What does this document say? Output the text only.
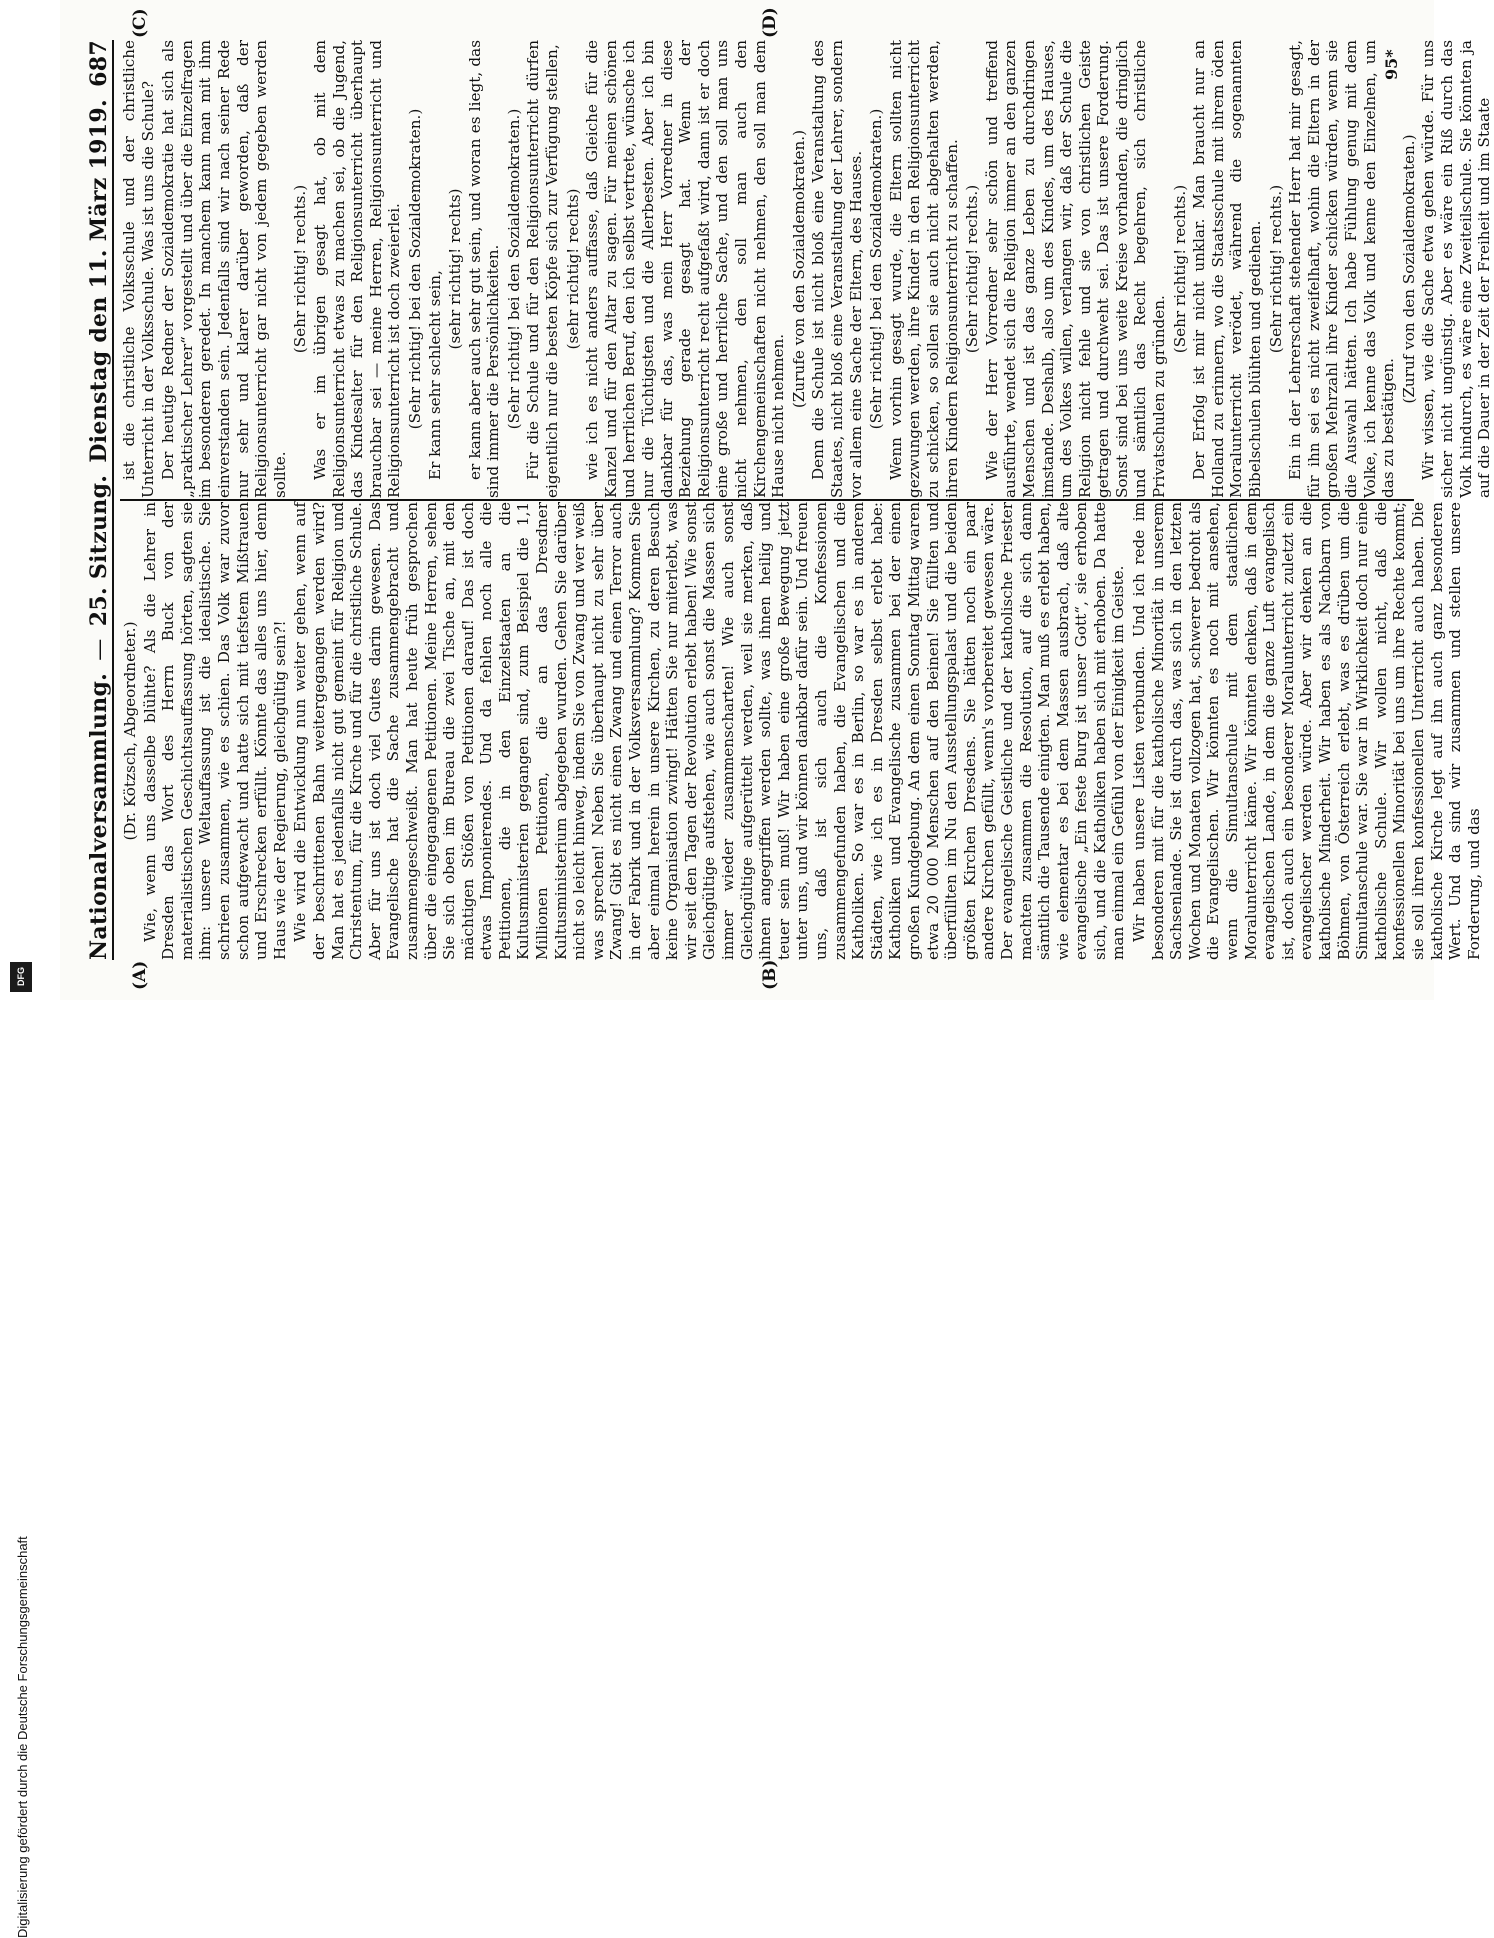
Nationalversammlung.
—
25. Sitzung.
Dienstag den 11. März 1919.
687

(Dr. Kötzsch, Abgeordneter.) Wie, wenn uns dasselbe blühte? Als die Lehrer in Dresden das Wort des Herrn Buck von der materialistischen Geschichtsauffassung hörten, sagten sie ihm: unsere Weltauffassung ist die idealistische. Sie schrieen zusammen, wie es schien. Das Volk war zuvor schon aufgewacht und hatte sich mit tiefstem Mißtrauen und Erschrecken erfüllt. Könnte das alles uns hier, denn Haus wie der Regierung, gleichgültig sein?! Wie wird die Entwicklung nun weiter gehen, wenn auf der beschrittenen Bahn weitergegangen werden wird? Man hat es jedenfalls nicht gut gemeint für Religion und Christentum, für die Kirche und für die christliche Schule. Aber für uns ist doch viel Gutes darin gewesen. Das Evangelische hat die Sache zusammengebracht und zusammengeschweißt. Man hat heute früh gesprochen über die eingegangenen Petitionen. Meine Herren, sehen Sie sich oben im Bureau die zwei Tische an, mit den mächtigen Stößen von Petitionen darauf! Das ist doch etwas Imponierendes. Und da fehlen noch alle die Petitionen, die in den Einzelstaaten an die Kultusministerien gegangen sind, zum Beispiel die 1,1 Millionen Petitionen, die an das Dresdner Kultusministerium abgegeben wurden. Gehen Sie darüber nicht so leicht hinweg, indem Sie von Zwang und wer weiß was sprechen! Neben Sie überhaupt nicht zu sehr über Zwang! Gibt es nicht einen Zwang und einen Terror auch in der Fabrik und in der Volksversammlung? Kommen Sie aber einmal herein in unsere Kirchen, zu deren Besuch keine Organisation zwingt! Hätten Sie nur miterlebt, was wir seit den Tagen der Revolution erlebt haben! Wie sonst Gleichgültige aufstehen, wie auch sonst die Massen sich immer wieder zusammenscharten! Wie auch sonst Gleichgültige aufgerüttelt werden, weil sie merken, daß ihnen angegriffen werden sollte, was ihnen heilig und teuer sein muß! Wir haben eine große Bewegung jetzt unter uns, und wir können dankbar dafür sein. Und freuen uns, daß ist sich auch die Konfessionen zusammengefunden haben, die Evangelischen und die Katholiken. So war es in Berlin, so war es in anderen Städten, wie ich es in Dresden selbst erlebt habe: Katholiken und Evangelische zusammen bei der einen großen Kundgebung. An dem einen Sonntag Mittag waren etwa 20 000 Menschen auf den Beinen! Sie füllten und überfüllten im Nu den Ausstellungspalast und die beiden größten Kirchen Dresdens. Sie hätten noch ein paar andere Kirchen gefüllt, wenn's vorbereitet gewesen wäre. Der evangelische Geistliche und der katholische Priester machten zusammen die Resolution, auf die sich dann sämtlich die Tausende einigten. Man muß es erlebt haben, wie elementar es bei dem Massen ausbrach, daß alte evangelische „Ein feste Burg ist unser Gott“, sie erhoben sich, und die Katholiken haben sich mit erhoben. Da hatte man einmal ein Gefühl von der Einigkeit im Geiste. Wir haben unsere Listen verbunden. Und ich rede im besonderen mit für die katholische Minorität in unserem Sachsenlande. Sie ist durch das, was sich in den letzten Wochen und Monaten vollzogen hat, schwerer bedroht als die Evangelischen. Wir könnten es noch mit ansehen, wenn die Simultanschule mit dem staatlichen Moralunterricht käme. Wir könnten denken, daß in dem evangelischen Lande, in dem die ganze Luft evangelisch ist, doch auch ein besonderer Moralunterricht zuletzt ein evangelischer werden würde. Aber wir denken an die katholische Minderheit. Wir haben es als Nachbarn von Böhmen, von Österreich erlebt, was es drüben um die Simultanschule war. Sie war in Wirklichkeit doch nur eine katholische Schule. Wir wollen nicht, daß die konfessionellen Minorität bei uns um ihre Rechte kommt; sie soll ihren konfessionellen Unterricht auch haben. Die katholische Kirche legt auf ihn auch ganz besonderen Wert. Und da sind wir zusammen und stellen unsere Forderung, und das

ist die christliche Volksschule und der christliche Unterricht in der Volksschule. Was ist uns die Schule? Der heutige Redner der Sozialdemokratie hat sich als „praktischer Lehrer“ vorgestellt und über die Einzelfragen im besonderen geredet. In manchem kann man mit ihm einverstanden sein. Jedenfalls sind wir nach seiner Rede nur sehr und klarer darüber geworden, daß der Religionsunterricht gar nicht von jedem gegeben werden sollte.

(Sehr richtig! rechts.) Was er im übrigen gesagt hat, ob mit dem Religionsunterricht etwas zu machen sei, ob die Jugend, das Kindesalter für den Religionsunterricht überhaupt brauchbar sei — meine Herren, Religionsunterricht und Religionsunterricht ist doch zweierlei. (Sehr richtig! bei den Sozialdemokraten.) Er kann sehr schlecht sein,

(sehr richtig! rechts) er kann aber auch sehr gut sein, und woran es liegt, das sind immer die Persönlichkeiten. (Sehr richtig! bei den Sozialdemokraten.) Für die Schule und für den Religionsunterricht dürfen eigentlich nur die besten Köpfe sich zur Verfügung stellen, (sehr richtig! rechts) wie ich es nicht anders auffasse, daß Gleiche für die Kanzel und für den Altar zu sagen. Für meinen schönen und herrlichen Beruf, den ich selbst vertrete, wünsche ich nur die Tüchtigsten und die Allerbesten. Aber ich bin dankbar für das, was mein Herr Vorredner in diese Beziehung gerade gesagt hat. Wenn der Religionsunterricht recht aufgefaßt wird, dann ist er doch eine große und herrliche Sache, und den soll man uns nicht nehmen, den soll man auch den Kirchengemeinschaften nicht nehmen, den soll man dem Hause nicht nehmen.

(Zurufe von den Sozialdemokraten.) Denn die Schule ist nicht bloß eine Veranstaltung des Staates, nicht bloß eine Veranstaltung der Lehrer, sondern vor allem eine Sache der Eltern, des Hauses. (Sehr richtig! bei den Sozialdemokraten.) Wenn vorhin gesagt wurde, die Eltern sollten nicht gezwungen werden, ihre Kinder in den Religionsunterricht zu schicken, so sollen sie auch nicht abgehalten werden, ihren Kindern Religionsunterricht zu schaffen. (Sehr richtig! rechts.) Wie der Herr Vorredner sehr schön und treffend ausführte, wendet sich die Religion immer an den ganzen Menschen und ist das ganze Leben zu durchdringen imstande. Deshalb, also um des Kindes, um des Hauses, um des Volkes willen, verlangen wir, daß der Schule die Religion nicht fehle und sie von christlichen Geiste getragen und durchweht sei. Das ist unsere Forderung. Sonst sind bei uns weite Kreise vorhanden, die dringlich und sämtlich das Recht begehren, sich christliche Privatschulen zu gründen.

(Sehr richtig! rechts.) Der Erfolg ist mir nicht unklar. Man braucht nur an Holland zu erinnern, wo die Staatsschule mit ihrem öden Moralunterricht verödet, während die sogenannten Bibelschulen blühten und gediehen. (Sehr richtig! rechts.) Ein in der Lehrerschaft stehender Herr hat mir gesagt, für ihn sei es nicht zweifelhaft, wohin die Eltern in der großen Mehrzahl ihre Kinder schicken würden, wenn sie die Auswahl hätten. Ich habe Fühlung genug mit dem Volke, ich kenne das Volk und kenne den Einzelnen, um das zu bestätigen.

(Zuruf von den Sozialdemokraten.) Wir wissen, wie die Sache etwa gehen würde. Für uns sicher nicht ungünstig. Aber es wäre ein Riß durch das Volk hindurch, es wäre eine Zweiteilschule. Sie könnten ja auf die Dauer in der Zeit der Freiheit und im Staate

(A)	(B)
(C)	(D)
95*
Digitalisierung gefördert durch die Deutsche Forschungsgemeinschaft
DFG
